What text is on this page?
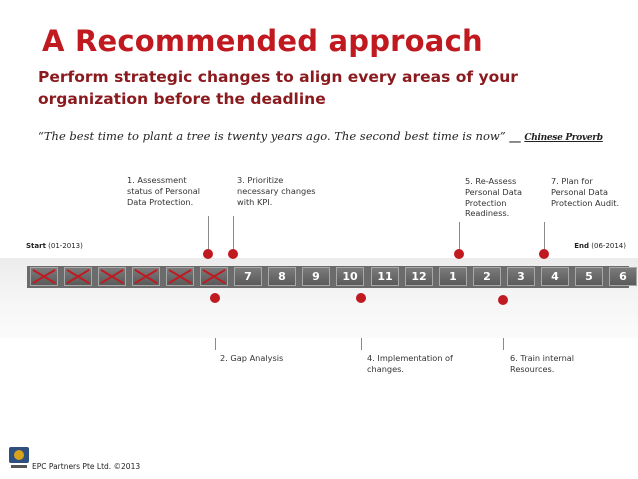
A Recommended approach
Perform strategic changes to align every areas of your organization before the deadline
“The best time to plant a tree is twenty years ago. The second best time is now” __ Chinese Proverb
1. Assessment status of Personal Data Protection.
3. Prioritize necessary changes with KPI.
5. Re-Assess Personal Data Protection Readiness.
7. Plan for Personal Data Protection Audit.
Start (01-2013)	End (06-2014)
7	8	9	10	11	12	1	2	3	4	5	6
2. Gap Analysis	4. Implementation of changes.
6. Train internal Resources.
EPC Partners Pte Ltd. ©2013
